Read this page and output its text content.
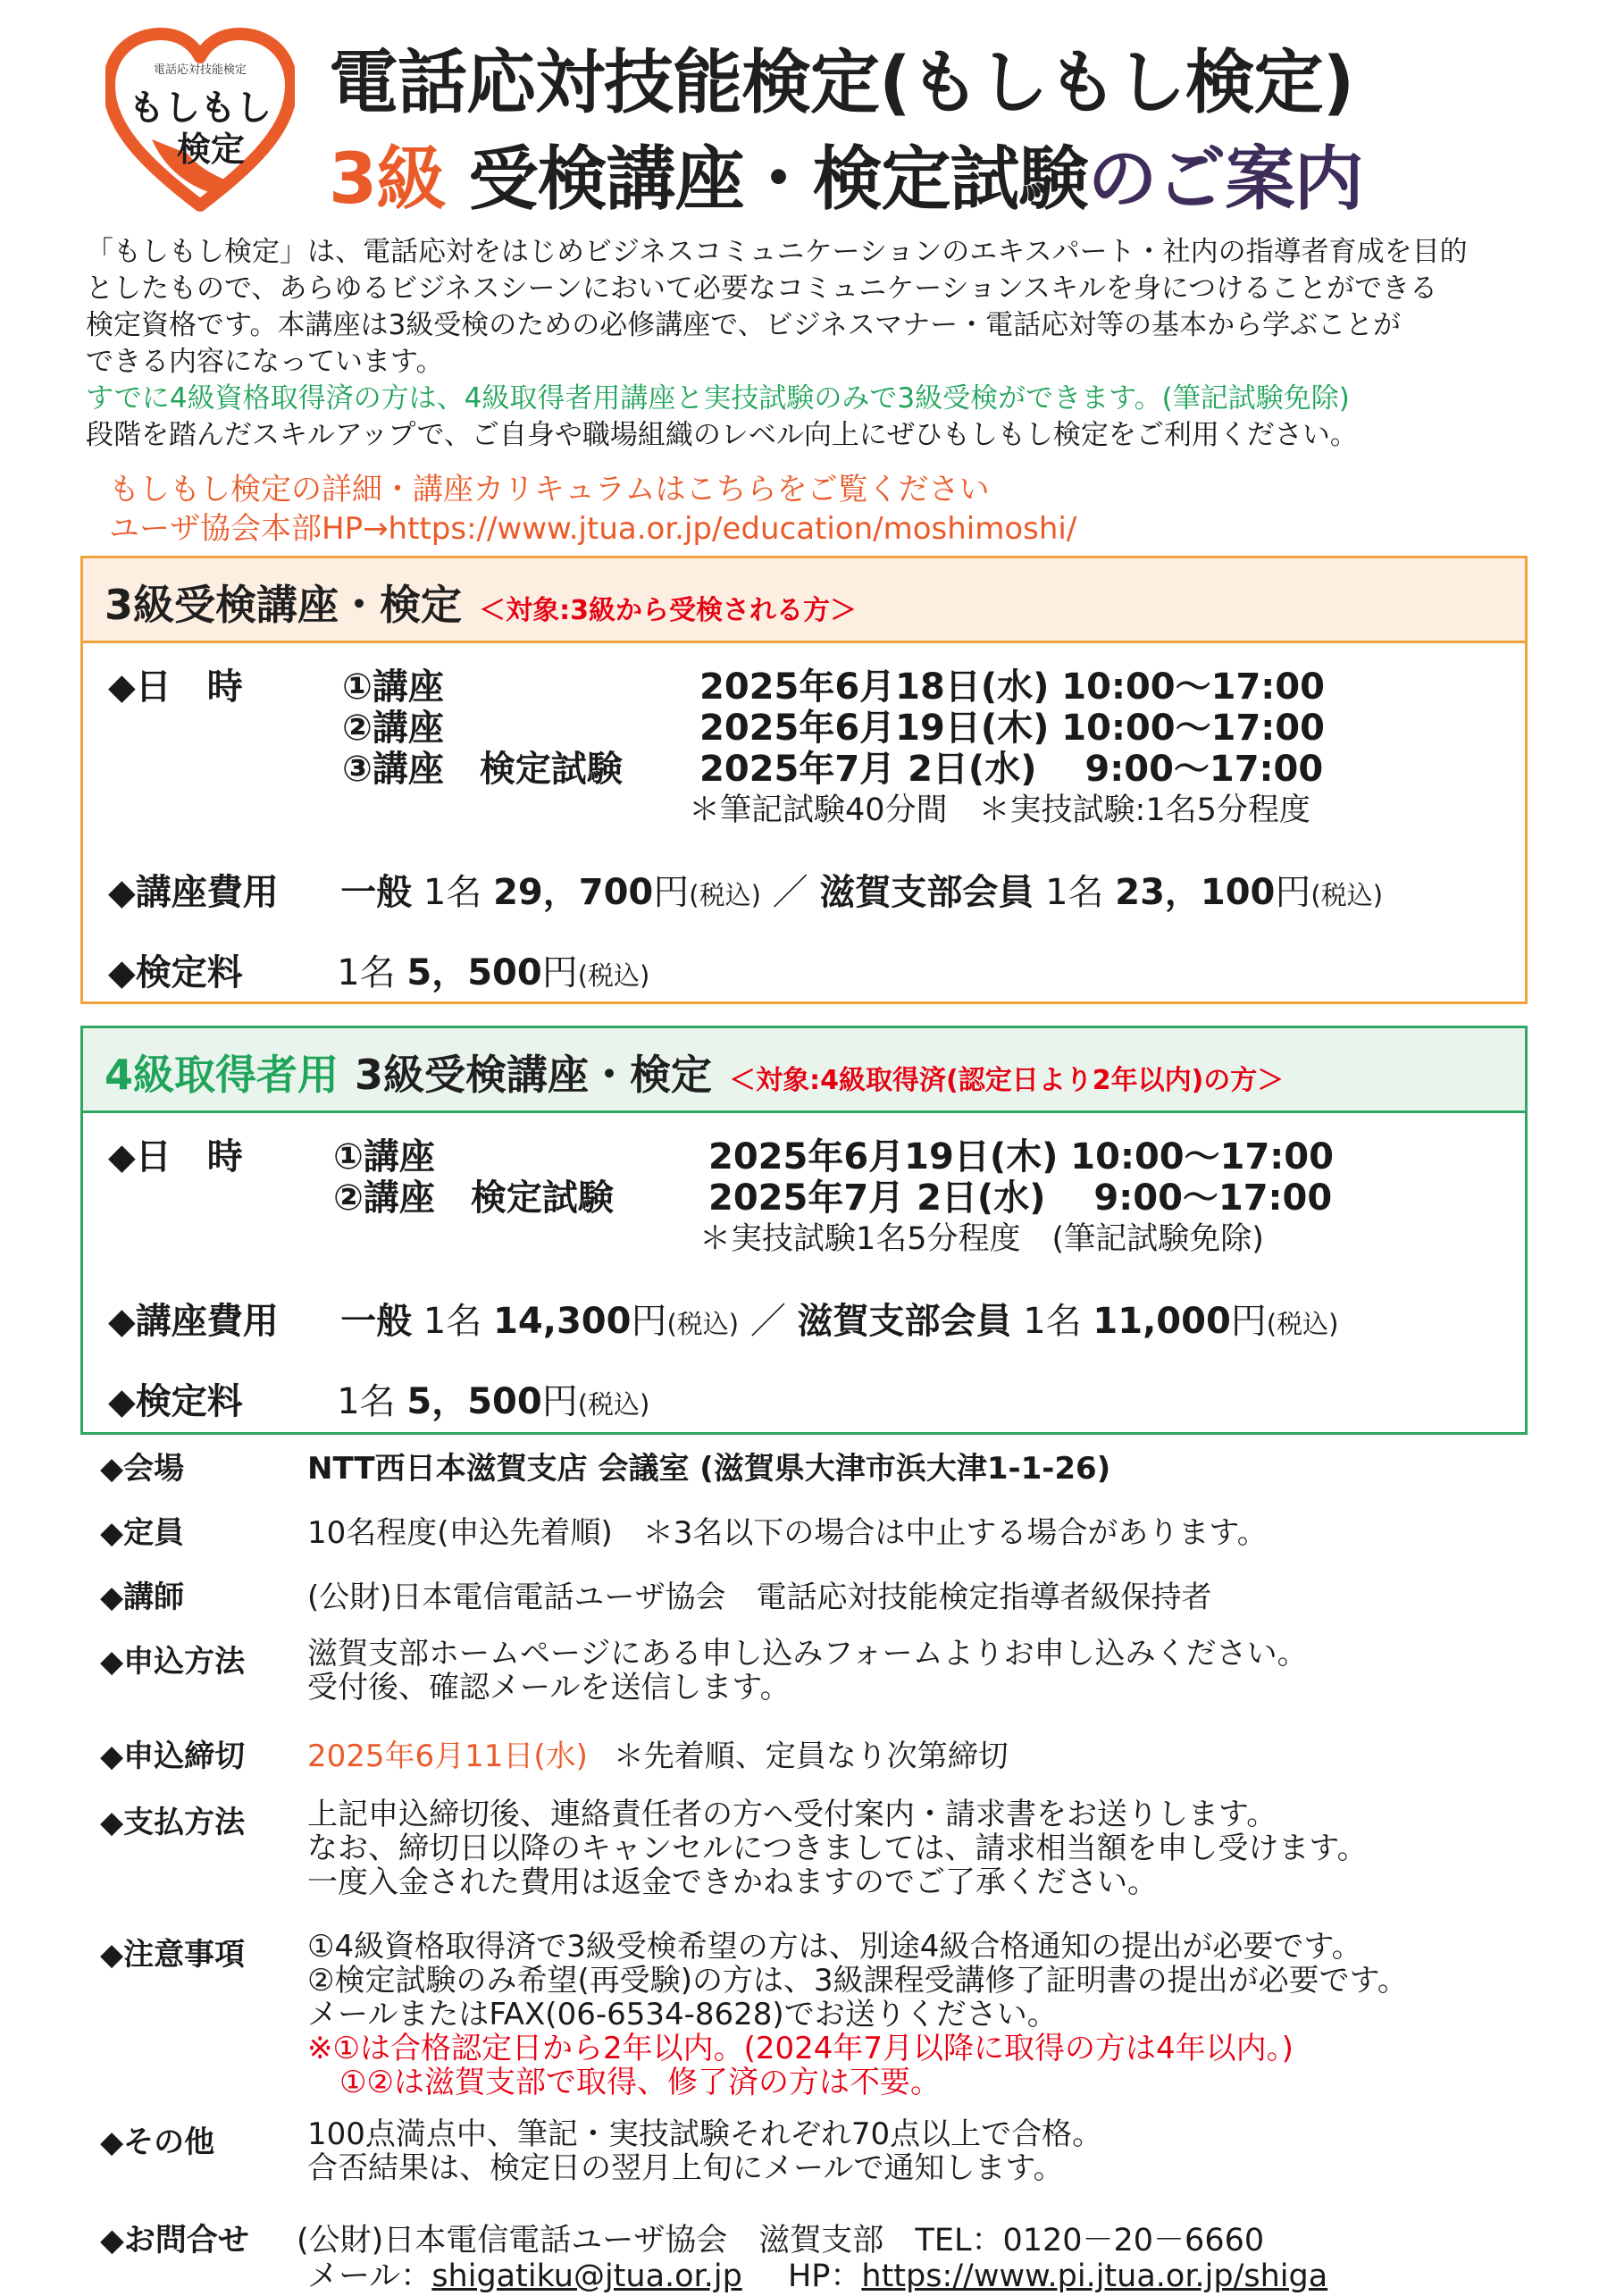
電話応対技能検定
もしもし
検定
電話応対技能検定(もしもし検定)
3級 受検講座・検定試験のご案内

「もしもし検定」は、電話応対をはじめビジネスコミュニケーションのエキスパート・社内の指導者育成を目的

としたもので、あらゆるビジネスシーンにおいて必要なコミュニケーションスキルを身につけることができる

検定資格です。本講座は3級受検のための必修講座で、ビジネスマナー・電話応対等の基本から学ぶことが

できる内容になっています。

すでに4級資格取得済の方は、4級取得者用講座と実技試験のみで3級受検ができます。(筆記試験免除)

段階を踏んだスキルアップで、ご自身や職場組織のレベル向上にぜひもしもし検定をご利用ください。

もしもし検定の詳細・講座カリキュラムはこちらをご覧ください

ユーザ協会本部HP→https://www.jtua.or.jp/education/moshimoshi/

3級受検講座・検定 ＜対象:3級から受検される方＞
◆日　時	①講座	2025年6月18日(水) 10:00～17:00
②講座	2025年6月19日(木) 10:00～17:00
③講座　検定試験 2025年7月 2日(水)　 9:00～17:00
＊筆記試験40分間　＊実技試験:1名5分程度
◆講座費用 一般 1名 29，700円(税込) ／ 滋賀支部会員 1名 23，100円(税込)
◆検定料	1名 5，500円(税込)
4級取得者用 3級受検講座・検定 ＜対象:4級取得済(認定日より2年以内)の方＞
◆日　時	①講座	2025年6月19日(木) 10:00～17:00
②講座　検定試験	2025年7月 2日(水)　 9:00～17:00
＊実技試験1名5分程度　(筆記試験免除)
◆講座費用 一般 1名 14,300円(税込) ／ 滋賀支部会員 1名 11,000円(税込)
◆検定料	1名 5，500円(税込)
◆会場	NTT西日本滋賀支店 会議室 (滋賀県大津市浜大津1-1-26)
◆定員	10名程度(申込先着順)　＊3名以下の場合は中止する場合があります。
◆講師	(公財)日本電信電話ユーザ協会　電話応対技能検定指導者級保持者
◆申込方法	滋賀支部ホームページにある申し込みフォームよりお申し込みください。

受付後、確認メールを送信します。

◆申込締切 2025年6月11日(水) ＊先着順、定員なり次第締切
◆支払方法	上記申込締切後、連絡責任者の方へ受付案内・請求書をお送りします。

なお、締切日以降のキャンセルにつきましては、請求相当額を申し受けます。

一度入金された費用は返金できかねますのでご了承ください。

◆注意事項	①4級資格取得済で3級受検希望の方は、別途4級合格通知の提出が必要です。

②検定試験のみ希望(再受験)の方は、3級課程受講修了証明書の提出が必要です。

メールまたはFAX(06-6534-8628)でお送りください。

※①は合格認定日から2年以内。(2024年7月以降に取得の方は4年以内。)

①②は滋賀支部で取得、修了済の方は不要。

◆その他	100点満点中、筆記・実技試験それぞれ70点以上で合格。

合否結果は、検定日の翌月上旬にメールで通知します。

◆お問合せ (公財)日本電信電話ユーザ協会　滋賀支部 TEL：0120－20－6660
メール：shigatiku@jtua.or.jp HP：https://www.pi.jtua.or.jp/shiga
